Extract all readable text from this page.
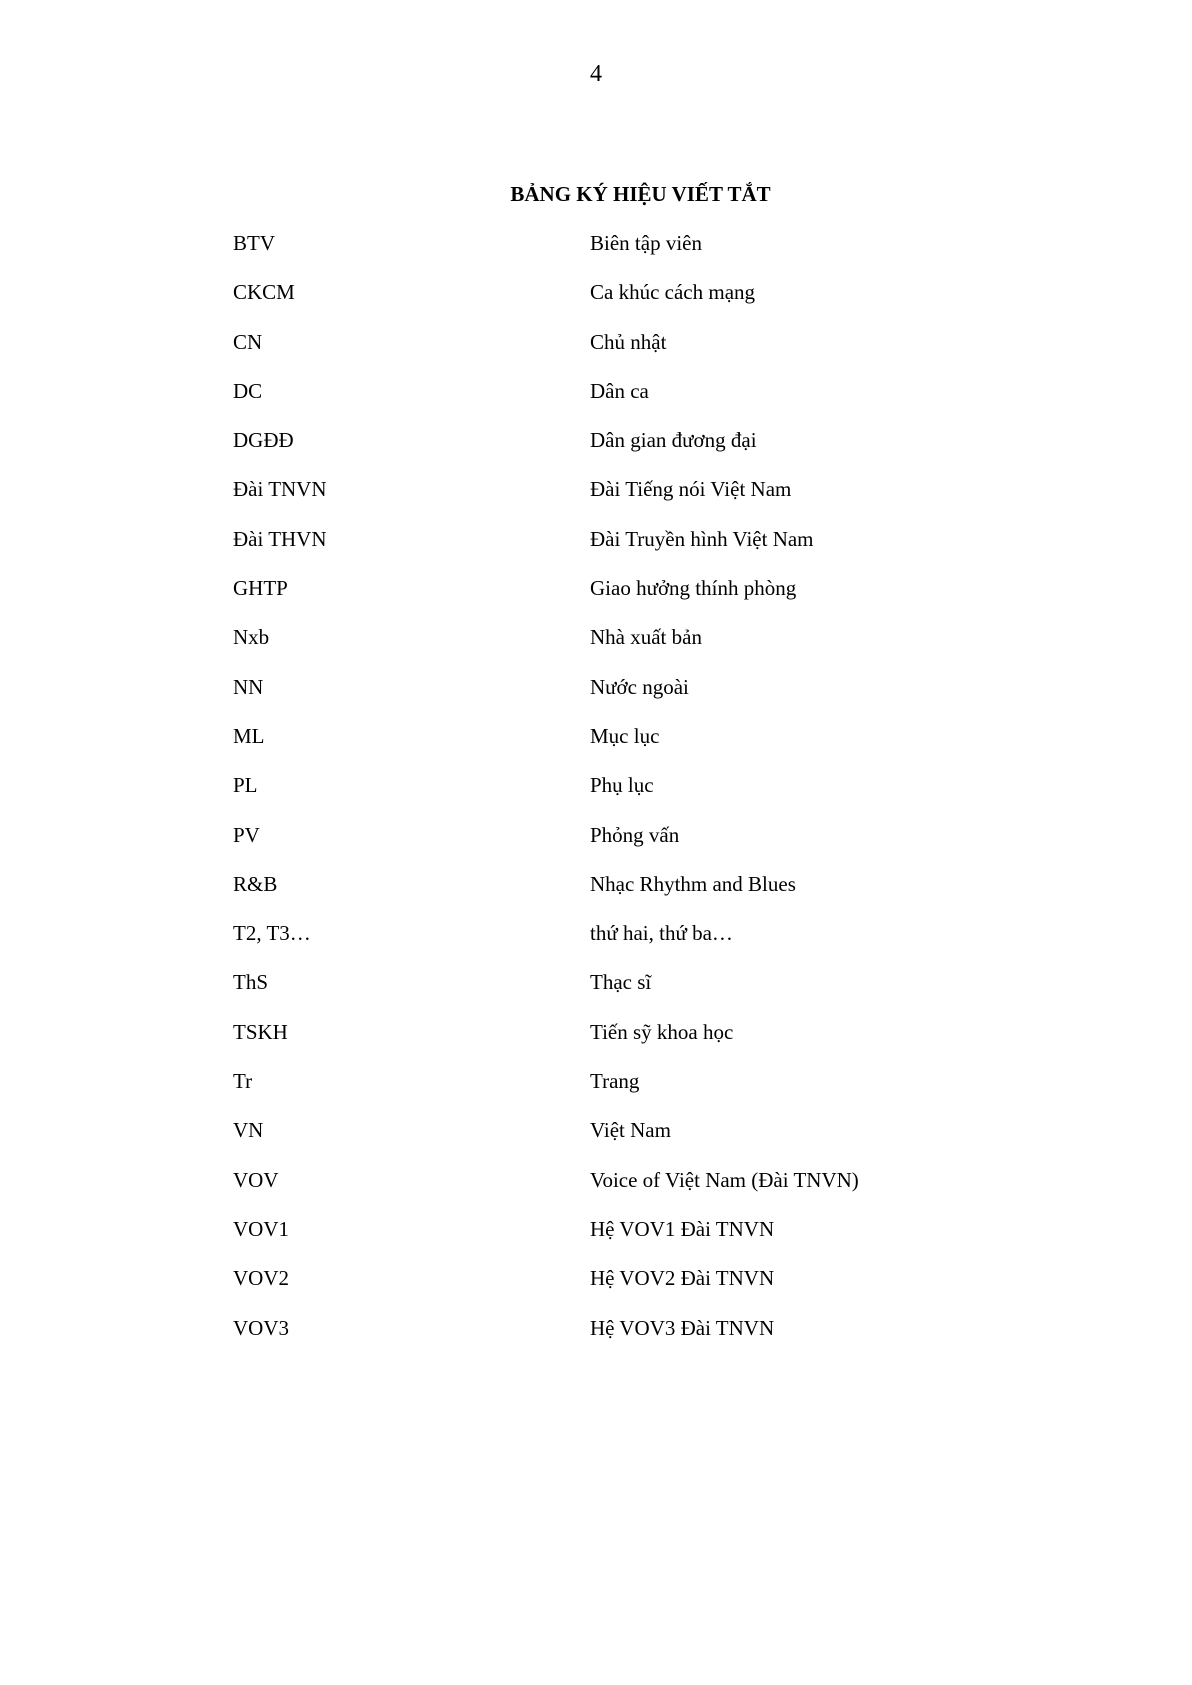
4
BẢNG KÝ HIỆU VIẾT TẮT
BTV	Biên tập viên
CKCM	Ca khúc cách mạng
CN	Chủ nhật
DC	Dân ca
DGĐĐ	Dân gian đương đại
Đài TNVN	Đài Tiếng nói Việt Nam
Đài THVN	Đài Truyền hình Việt Nam
GHTP	Giao hưởng thính phòng
Nxb	Nhà xuất bản
NN	Nước ngoài
ML	Mục lục
PL	Phụ lục
PV	Phỏng vấn
R&B	Nhạc Rhythm and Blues
T2, T3…	thứ hai, thứ ba…
ThS	Thạc sĩ
TSKH	Tiến sỹ khoa học
Tr	Trang
VN	Việt Nam
VOV	Voice of Việt Nam (Đài TNVN)
VOV1	Hệ VOV1 Đài TNVN
VOV2	Hệ VOV2 Đài TNVN
VOV3	Hệ VOV3 Đài TNVN
